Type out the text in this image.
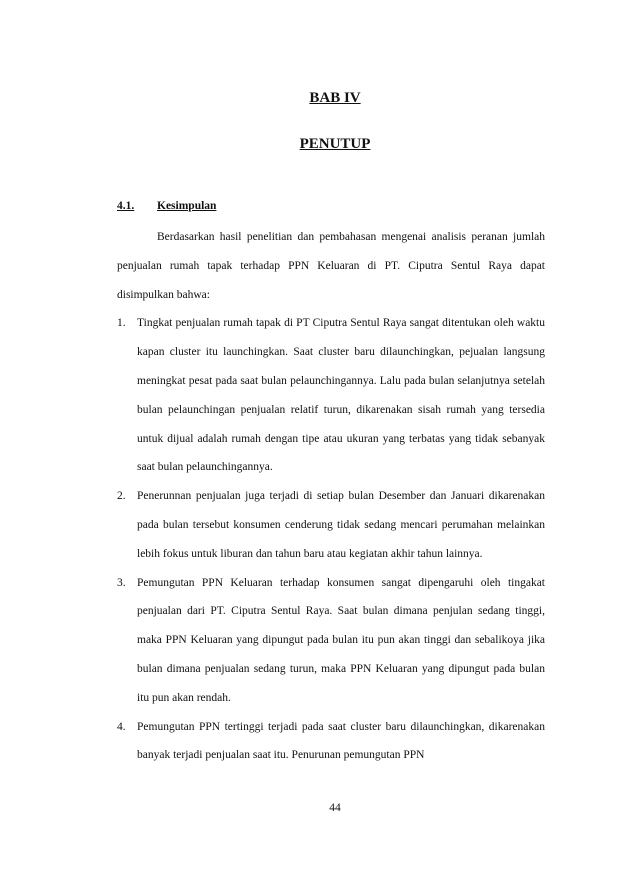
BAB IV
PENUTUP
4.1. Kesimpulan

Berdasarkan hasil penelitian dan pembahasan mengenai analisis peranan jumlah penjualan rumah tapak terhadap PPN Keluaran di PT. Ciputra Sentul Raya dapat disimpulkan bahwa:

1. Tingkat penjualan rumah tapak di PT Ciputra Sentul Raya sangat ditentukan oleh waktu kapan cluster itu launchingkan. Saat cluster baru dilaunchingkan, pejualan langsung meningkat pesat pada saat bulan pelaunchingannya. Lalu pada bulan selanjutnya setelah bulan pelaunchingan penjualan relatif turun, dikarenakan sisah rumah yang tersedia untuk dijual adalah rumah dengan tipe atau ukuran yang terbatas yang tidak sebanyak saat bulan pelaunchingannya.
2. Penerunnan penjualan juga terjadi di setiap bulan Desember dan Januari dikarenakan pada bulan tersebut konsumen cenderung tidak sedang mencari perumahan melainkan lebih fokus untuk liburan dan tahun baru atau kegiatan akhir tahun lainnya.
3. Pemungutan PPN Keluaran terhadap konsumen sangat dipengaruhi oleh tingakat penjualan dari PT. Ciputra Sentul Raya. Saat bulan dimana penjulan sedang tinggi, maka PPN Keluaran yang dipungut pada bulan itu pun akan tinggi dan sebalikoya jika bulan dimana penjualan sedang turun, maka PPN Keluaran yang dipungut pada bulan itu pun akan rendah.
4. Pemungutan PPN tertinggi terjadi pada saat cluster baru dilaunchingkan, dikarenakan banyak terjadi penjualan saat itu. Penurunan pemungutan PPN
44
